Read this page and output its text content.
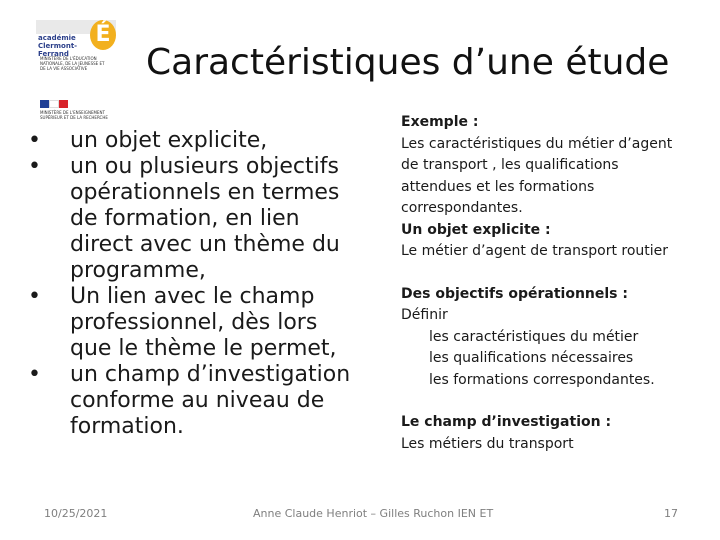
É
académie
Clermont-Ferrand
MINISTÈRE DE L'ÉDUCATION NATIONALE, DE LA JEUNESSE ET DE LA VIE ASSOCIATIVE
MINISTÈRE DE L'ENSEIGNEMENT SUPÉRIEUR ET DE LA RECHERCHE
Caractéristiques d’une étude
• un objet explicite,
• un ou plusieurs objectifs opérationnels en termes de formation, en lien direct avec un thème du programme,
• Un lien avec le champ professionnel, dès lors que le thème le permet,
• un champ d’investigation conforme au niveau de formation.

Exemple :

Les caractéristiques du métier d’agent

de transport , les qualifications

attendues et les formations

correspondantes.

Un objet explicite :

Le métier d’agent de transport routier

Des objectifs opérationnels :

Définir

les caractéristiques du métier

les qualifications nécessaires

les formations correspondantes.

Le champ d’investigation :

Les métiers du transport

10/25/2021	Anne Claude Henriot – Gilles Ruchon IEN ET	17
